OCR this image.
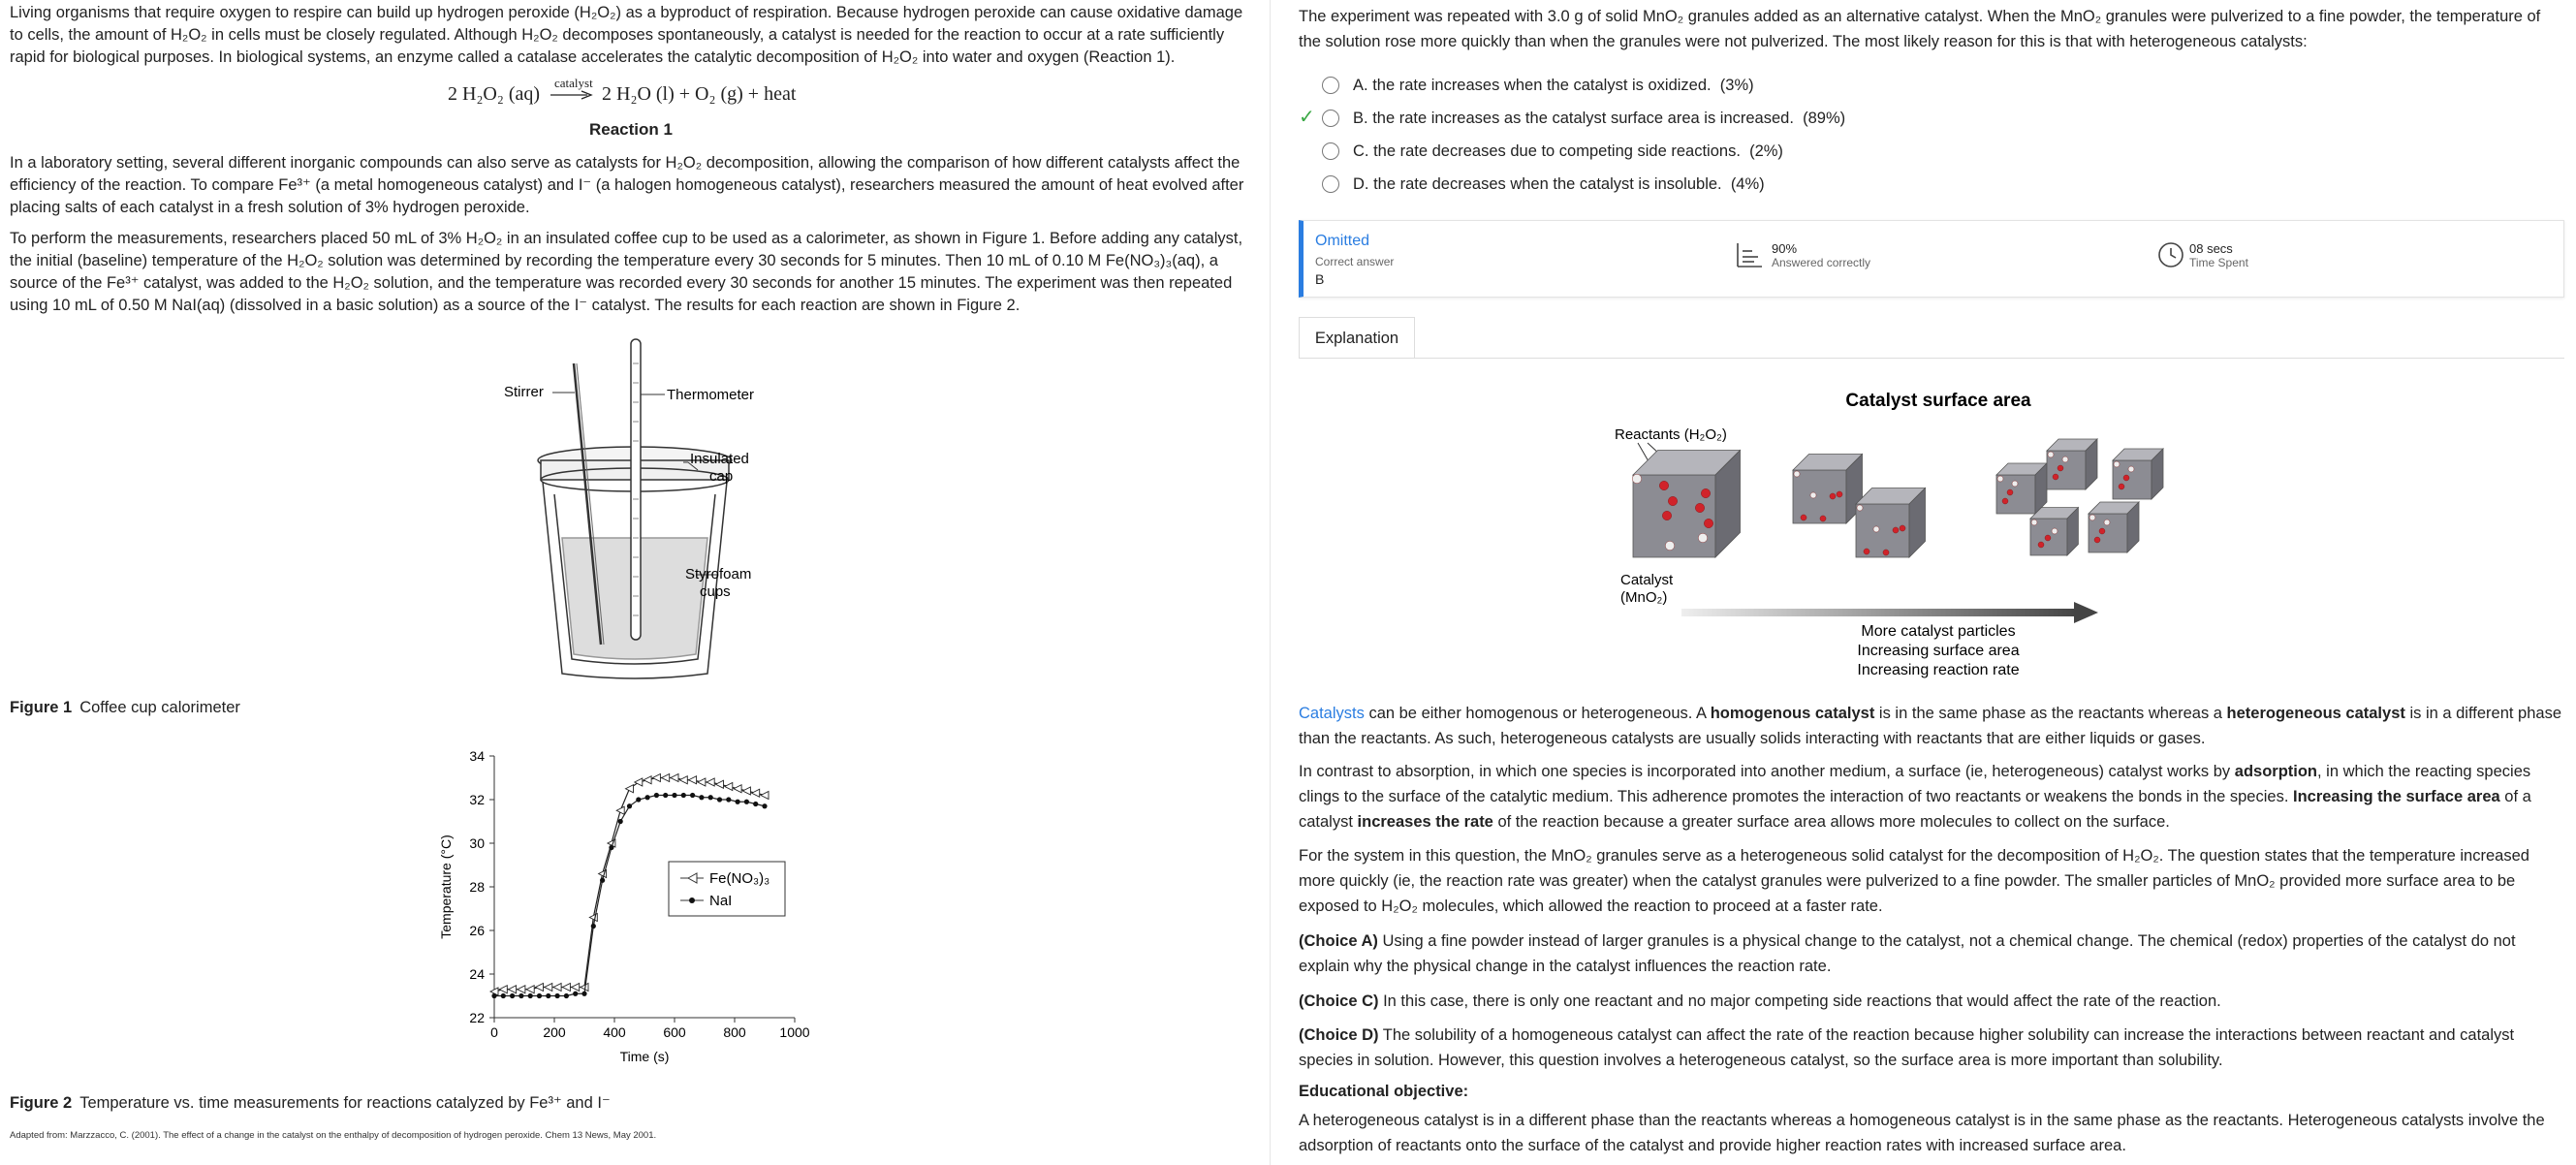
Living organisms that require oxygen to respire can build up hydrogen peroxide (H₂O₂) as a byproduct of respiration. Because hydrogen peroxide can cause oxidative damage to cells, the amount of H₂O₂ in cells must be closely regulated. Although H₂O₂ decomposes spontaneously, a catalyst is needed for the reaction to occur at a rate sufficiently rapid for biological purposes. In biological systems, an enzyme called a catalase accelerates the catalytic decomposition of H₂O₂ into water and oxygen (Reaction 1).

2 H₂O₂ (aq)
catalyst
→ 2 H₂O (l) + O₂ (g) + heat
Reaction 1

In a laboratory setting, several different inorganic compounds can also serve as catalysts for H₂O₂ decomposition, allowing the comparison of how different catalysts affect the efficiency of the reaction. To compare Fe³⁺ (a metal homogeneous catalyst) and I⁻ (a halogen homogeneous catalyst), researchers measured the amount of heat evolved after placing salts of each catalyst in a fresh solution of 3% hydrogen peroxide.

To perform the measurements, researchers placed 50 mL of 3% H₂O₂ in an insulated coffee cup to be used as a calorimeter, as shown in Figure 1. Before adding any catalyst, the initial (baseline) temperature of the H₂O₂ solution was determined by recording the temperature every 30 seconds for 5 minutes. Then 10 mL of 0.10 M Fe(NO₃)₃(aq), a source of the Fe³⁺ catalyst, was added to the H₂O₂ solution, and the temperature was recorded every 30 seconds for another 15 minutes. The experiment was then repeated using 10 mL of 0.50 M NaI(aq) (dissolved in a basic solution) as a source of the I⁻ catalyst. The results for each reaction are shown in Figure 2.

Stirrer	Thermometer
Insulated
cap
Styrofoam
cups
Figure 1 Coffee cup calorimeter
0	200	400	600	800 1000
22
24
26
28
30
32
34
Time (s)
Temperature (°C)	Fe(NO₃)₃
NaI
Figure 2 Temperature vs. time measurements for reactions catalyzed by Fe³⁺ and I⁻
Adapted from: Marzzacco, C. (2001). The effect of a change in the catalyst on the enthalpy of decomposition of hydrogen peroxide. Chem 13 News, May 2001.
The experiment was repeated with 3.0 g of solid MnO₂ granules added as an alternative catalyst. When the MnO₂ granules were pulverized to a fine powder, the temperature of the solution rose more quickly than when the granules were not pulverized. The most likely reason for this is that with heterogeneous catalysts:
A.
the rate increases when the catalyst is oxidized.
(3%)
✓ B.
the rate increases as the catalyst surface area is increased.
(89%)
C.
the rate decreases due to competing side reactions.
(2%)
D.
the rate decreases when the catalyst is insoluble.
(4%)
Omitted
Correct answer
B
90%
Answered correctly
08 secs
Time Spent
Explanation
Catalyst surface area
Reactants (H₂O₂)
Catalyst
(MnO₂)
More catalyst particles
Increasing surface area
Increasing reaction rate

Catalysts can be either homogenous or heterogeneous. A homogenous catalyst is in the same phase as the reactants whereas a heterogeneous catalyst is in a different phase than the reactants. As such, heterogeneous catalysts are usually solids interacting with reactants that are either liquids or gases.

In contrast to absorption, in which one species is incorporated into another medium, a surface (ie, heterogeneous) catalyst works by adsorption, in which the reacting species clings to the surface of the catalytic medium. This adherence promotes the interaction of two reactants or weakens the bonds in the species. Increasing the surface area of a catalyst increases the rate of the reaction because a greater surface area allows more molecules to collect on the surface.

For the system in this question, the MnO₂ granules serve as a heterogeneous solid catalyst for the decomposition of H₂O₂. The question states that the temperature increased more quickly (ie, the reaction rate was greater) when the catalyst granules were pulverized to a fine powder. The smaller particles of MnO₂ provided more surface area to be exposed to H₂O₂ molecules, which allowed the reaction to proceed at a faster rate.

(Choice A) Using a fine powder instead of larger granules is a physical change to the catalyst, not a chemical change. The chemical (redox) properties of the catalyst do not explain why the physical change in the catalyst influences the reaction rate.

(Choice C) In this case, there is only one reactant and no major competing side reactions that would affect the rate of the reaction.

(Choice D) The solubility of a homogeneous catalyst can affect the rate of the reaction because higher solubility can increase the interactions between reactant and catalyst species in solution. However, this question involves a heterogeneous catalyst, so the surface area is more important than solubility.

Educational objective:

A heterogeneous catalyst is in a different phase than the reactants whereas a homogeneous catalyst is in the same phase as the reactants. Heterogeneous catalysts involve the adsorption of reactants onto the surface of the catalyst and provide higher reaction rates with increased surface area.
